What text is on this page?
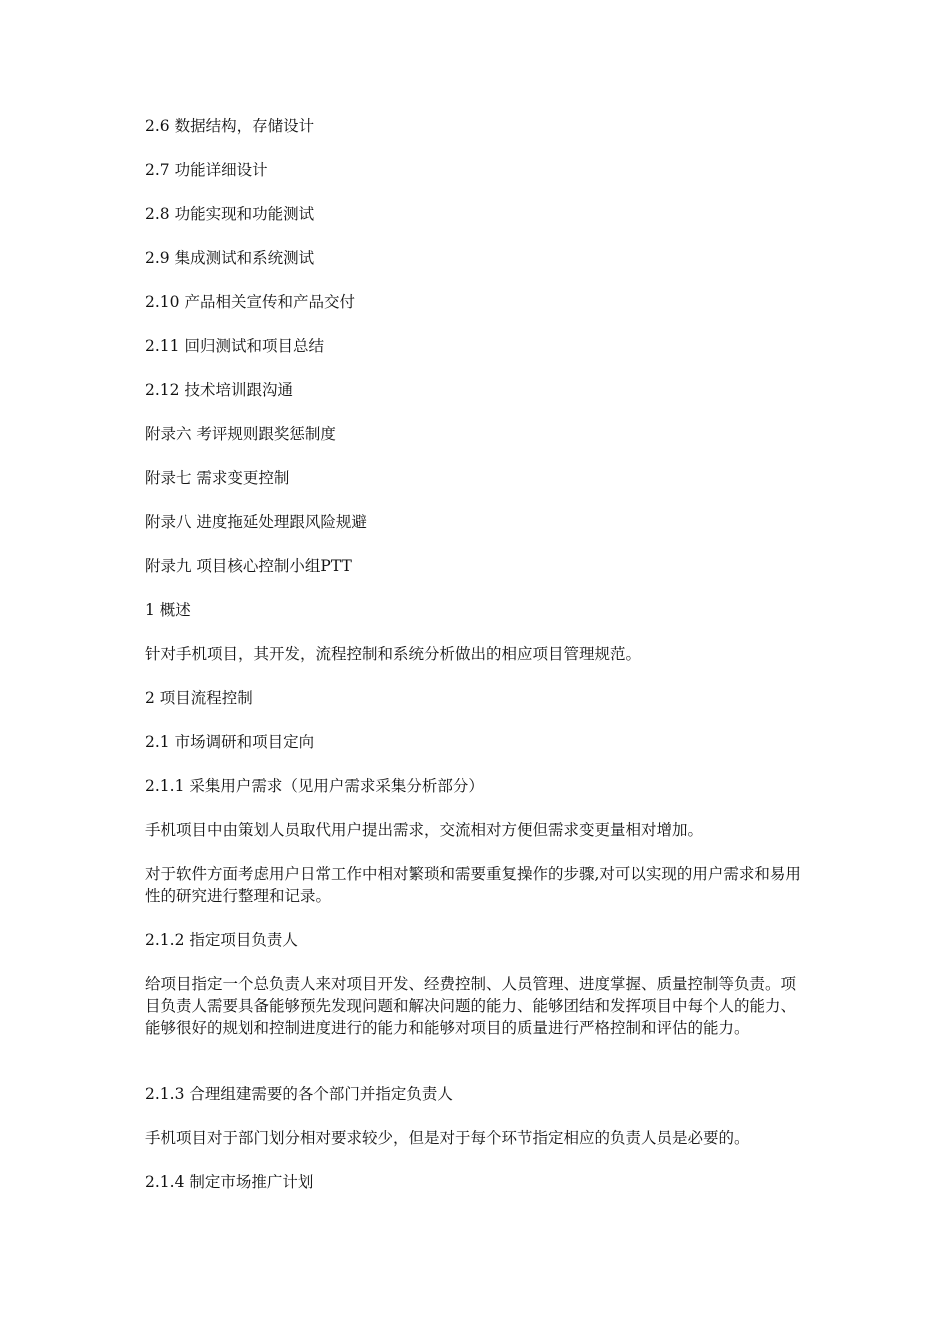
2.6 数据结构，存储设计

2.7 功能详细设计

2.8 功能实现和功能测试

2.9 集成测试和系统测试

2.10 产品相关宣传和产品交付

2.11 回归测试和项目总结

2.12 技术培训跟沟通

附录六 考评规则跟奖惩制度

附录七 需求变更控制

附录八 进度拖延处理跟风险规避

附录九 项目核心控制小组PTT

1 概述

针对手机项目，其开发，流程控制和系统分析做出的相应项目管理规范。

2 项目流程控制

2.1 市场调研和项目定向

2.1.1 采集用户需求（见用户需求采集分析部分）

手机项目中由策划人员取代用户提出需求，交流相对方便但需求变更量相对增加。

对于软件方面考虑用户日常工作中相对繁琐和需要重复操作的步骤,对可以实现的用户需求和易用性的研究进行整理和记录。

2.1.2 指定项目负责人

给项目指定一个总负责人来对项目开发、经费控制、人员管理、进度掌握、质量控制等负责。项目负责人需要具备能够预先发现问题和解决问题的能力、能够团结和发挥项目中每个人的能力、能够很好的规划和控制进度进行的能力和能够对项目的质量进行严格控制和评估的能力。

2.1.3 合理组建需要的各个部门并指定负责人

手机项目对于部门划分相对要求较少，但是对于每个环节指定相应的负责人员是必要的。

2.1.4 制定市场推广计划
